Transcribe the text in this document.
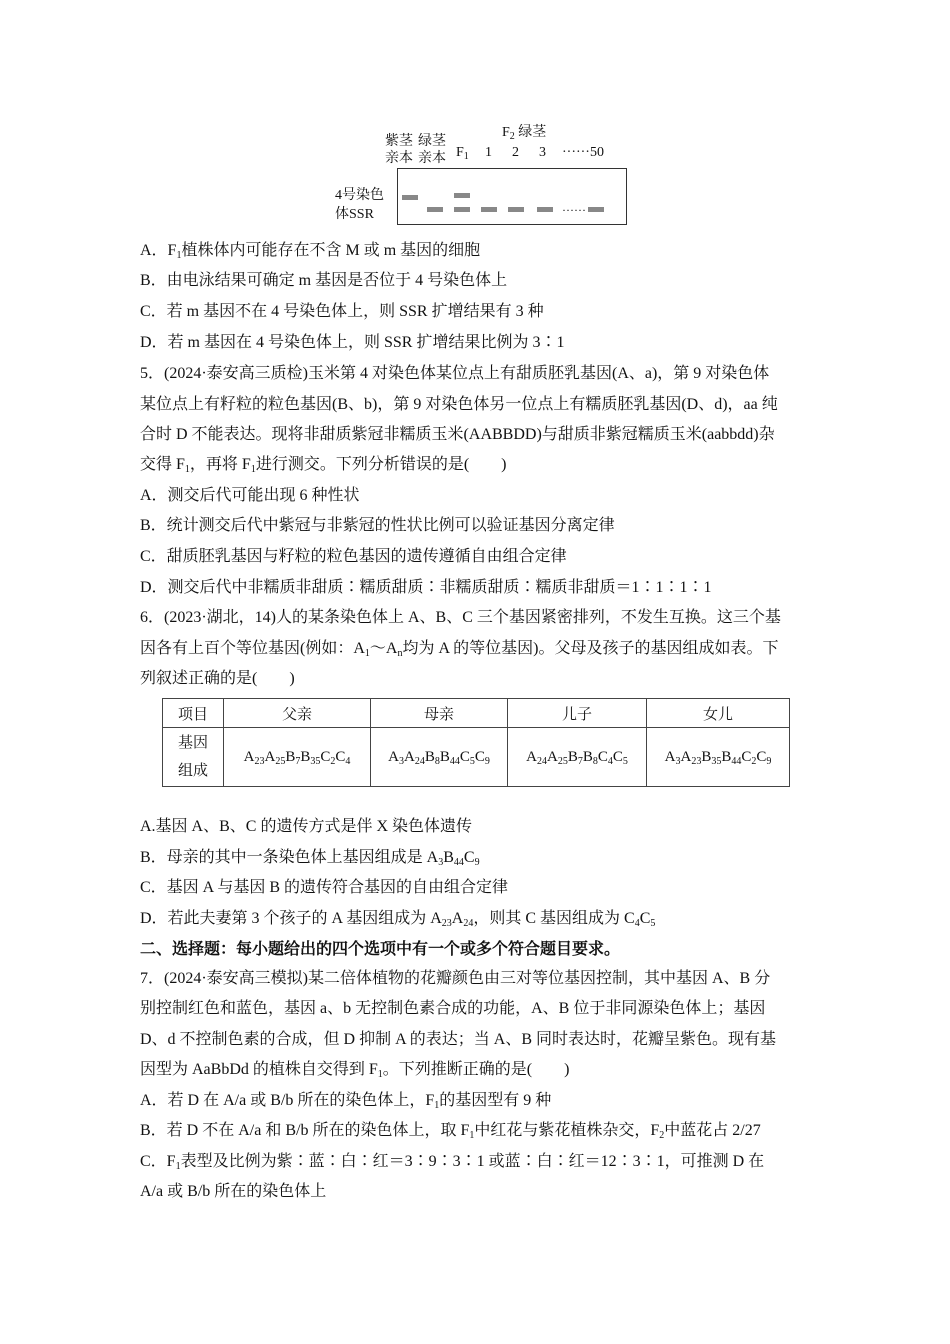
紫茎
亲本
绿茎
亲本 $F_1$
$F_2$ 绿茎
1 2 3 ······ 50
4号染色
体SSR	······
A．$F_1$植株体内可能存在不含 M 或 m 基因的细胞
B．由电泳结果可确定 m 基因是否位于 4 号染色体上
C．若 m 基因不在 4 号染色体上，则 SSR 扩增结果有 3 种
D．若 m 基因在 4 号染色体上，则 SSR 扩增结果比例为 3∶1
5．(2024·泰安高三质检)玉米第 4 对染色体某位点上有甜质胚乳基因(A、a)，第 9 对染色体
某位点上有籽粒的粒色基因(B、b)，第 9 对染色体另一位点上有糯质胚乳基因(D、d)，aa 纯
合时 D 不能表达。现将非甜质紫冠非糯质玉米(AABBDD)与甜质非紫冠糯质玉米(aabbdd)杂
交得 $F_1$，再将 $F_1$进行测交。下列分析错误的是(　　)
A．测交后代可能出现 6 种性状
B．统计测交后代中紫冠与非紫冠的性状比例可以验证基因分离定律
C．甜质胚乳基因与籽粒的粒色基因的遗传遵循自由组合定律
D．测交后代中非糯质非甜质∶糯质甜质∶非糯质甜质∶糯质非甜质＝1∶1∶1∶1
6．(2023·湖北，14)人的某条染色体上 A、B、C 三个基因紧密排列，不发生互换。这三个基
因各有上百个等位基因(例如：$A_1\sim A_n$均为 A 的等位基因)。父母及孩子的基因组成如表。下
列叙述正确的是(　　)
项目	父亲	母亲	儿子	女儿
基因
组成	$A_{23}A_{25}B_7B_{35}C_2C_4$	$A_3A_{24}B_8B_{44}C_5C_9$	$A_{24}A_{25}B_7B_8C_4C_5$	$A_3A_{23}B_{35}B_{44}C_2C_9$
A.基因 A、B、C 的遗传方式是伴 X 染色体遗传
B．母亲的其中一条染色体上基因组成是 $A_3B_{44}C_9$
C．基因 A 与基因 B 的遗传符合基因的自由组合定律
D．若此夫妻第 3 个孩子的 A 基因组成为 $A_{23}A_{24}$，则其 C 基因组成为 $C_4C_5$
二、选择题：每小题给出的四个选项中有一个或多个符合题目要求。
7．(2024·泰安高三模拟)某二倍体植物的花瓣颜色由三对等位基因控制，其中基因 A、B 分
别控制红色和蓝色，基因 a、b 无控制色素合成的功能，A、B 位于非同源染色体上；基因
D、d 不控制色素的合成，但 D 抑制 A 的表达；当 A、B 同时表达时，花瓣呈紫色。现有基
因型为 AaBbDd 的植株自交得到 $F_1$。下列推断正确的是(　　)
A．若 D 在 A/a 或 B/b 所在的染色体上，$F_1$的基因型有 9 种
B．若 D 不在 A/a 和 B/b 所在的染色体上，取 $F_1$中红花与紫花植株杂交，$F_2$中蓝花占 2/27
C．$F_1$表型及比例为紫∶蓝∶白∶红＝3∶9∶3∶1 或蓝∶白∶红＝12∶3∶1，可推测 D 在
A/a 或 B/b 所在的染色体上
